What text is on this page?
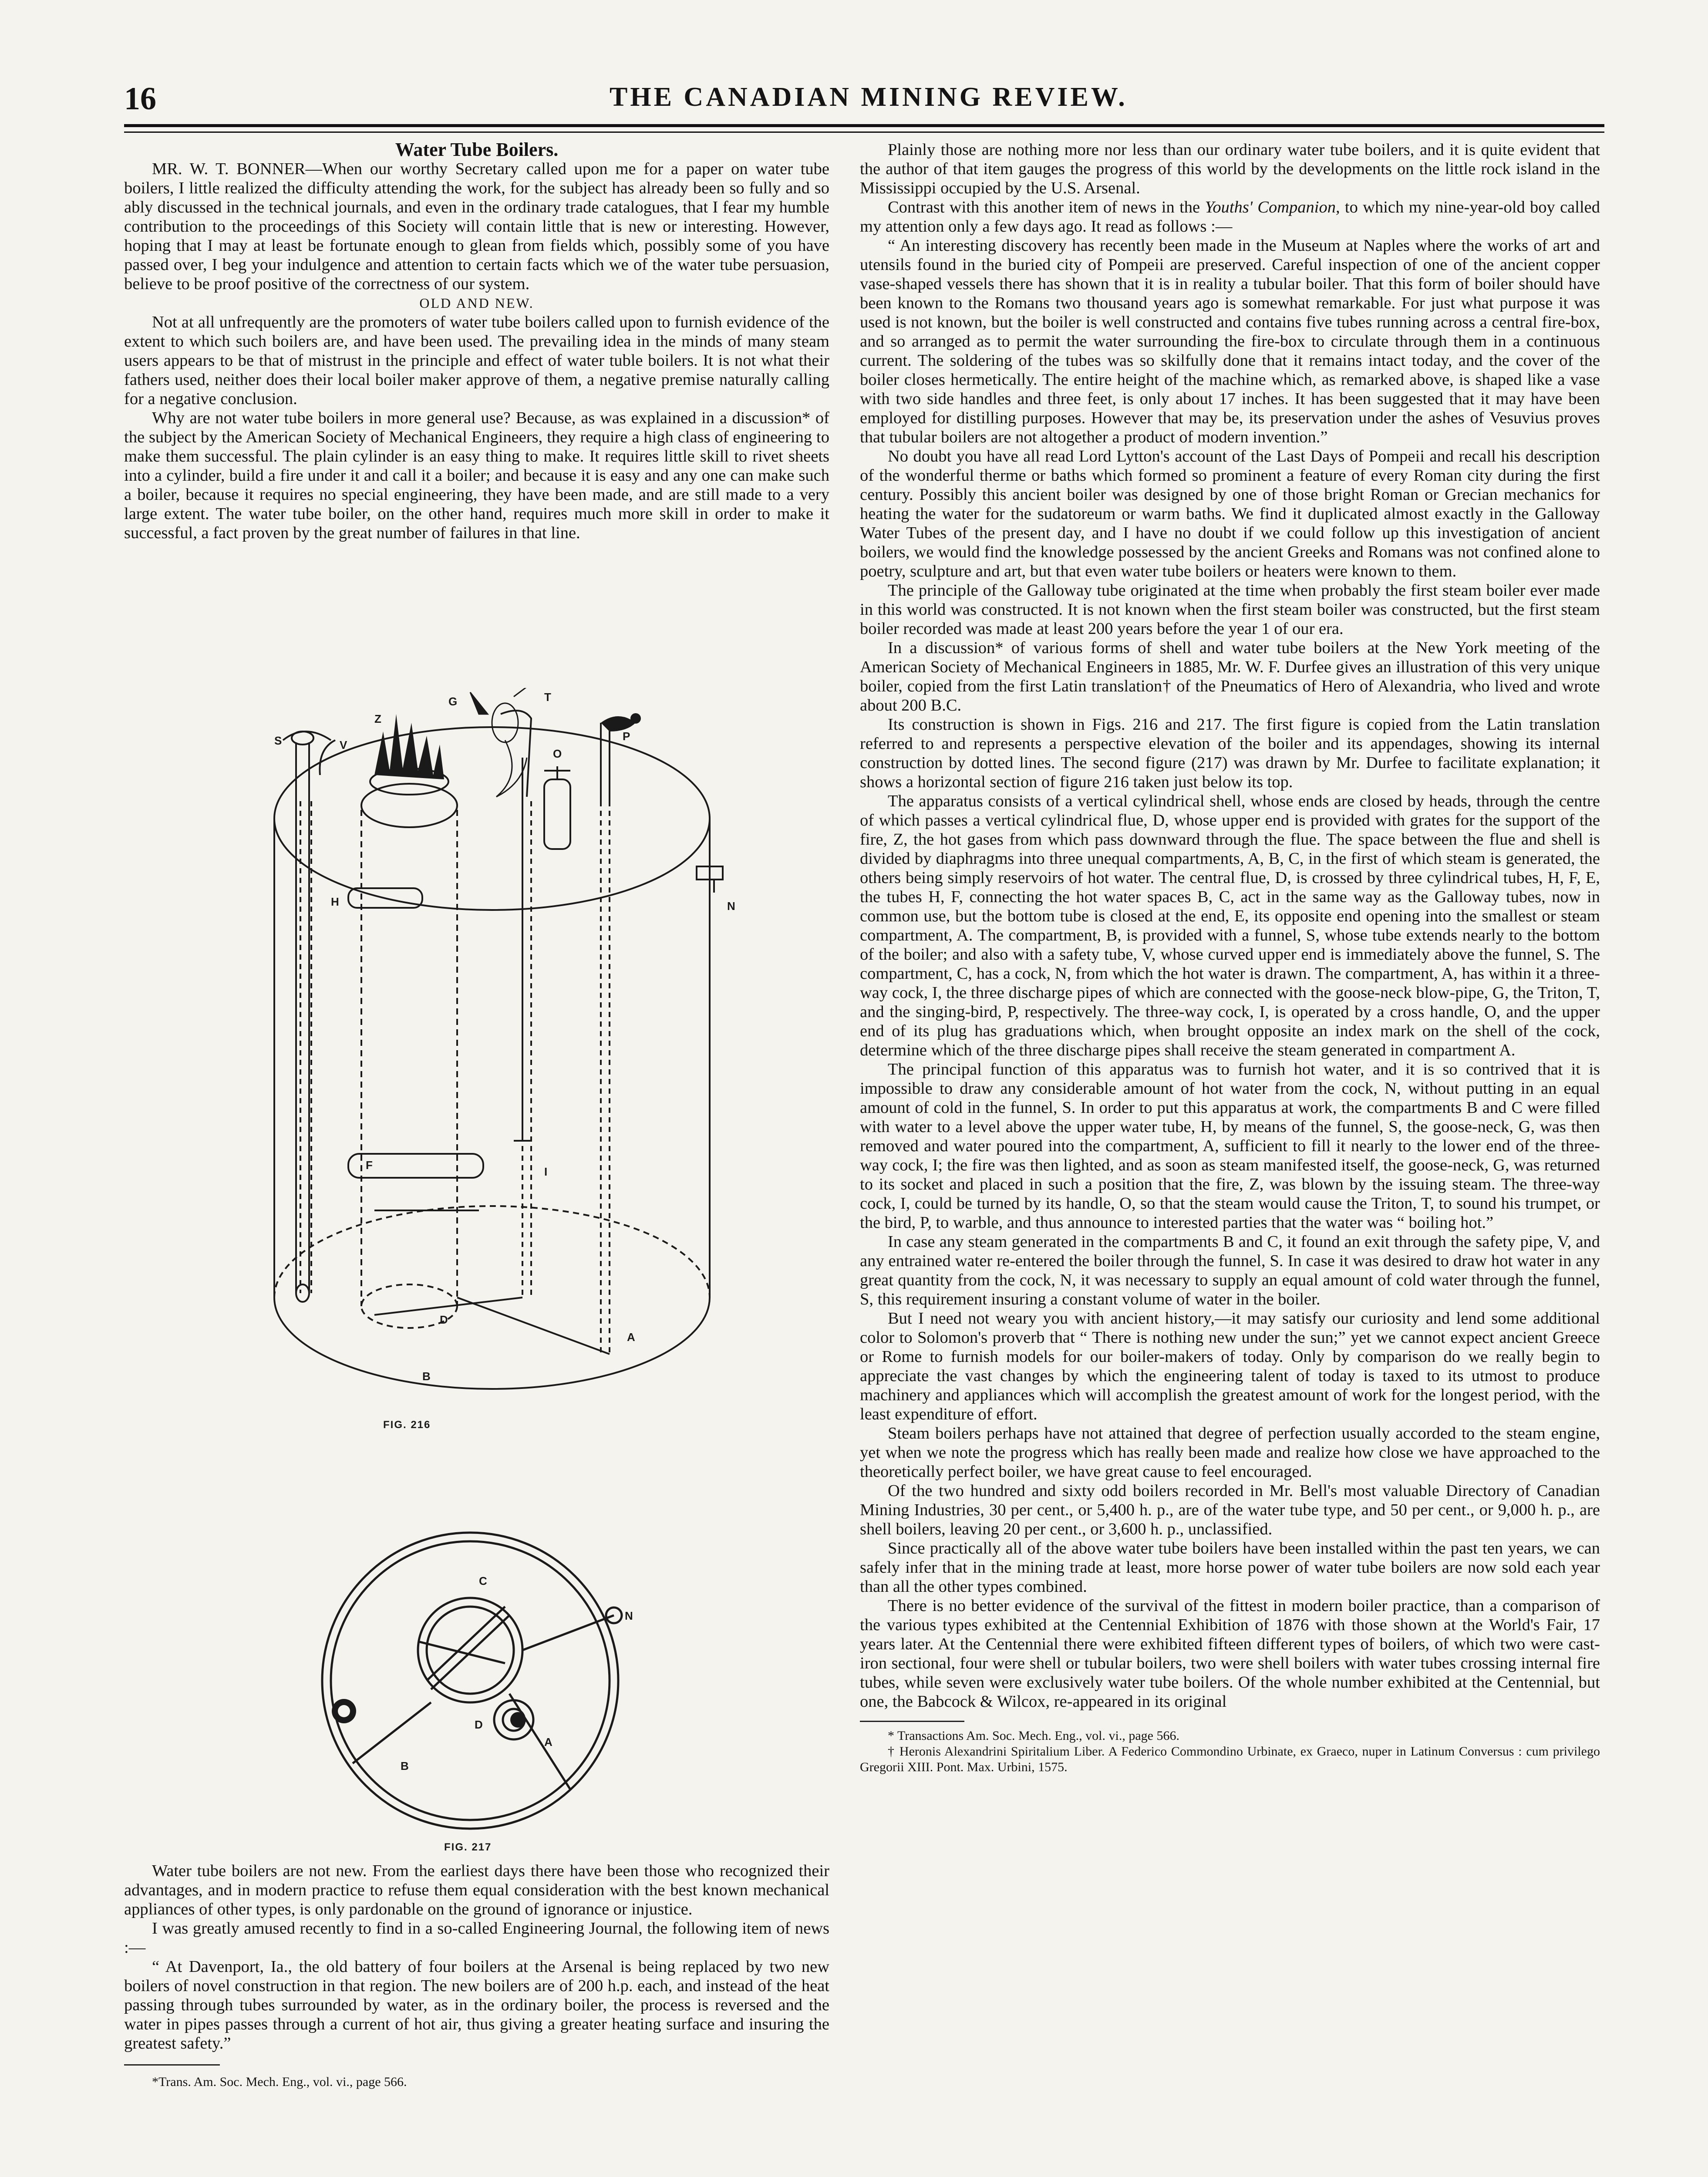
16	THE CANADIAN MINING REVIEW.

Water Tube Boilers.

MR. W. T. BONNER—When our worthy Secretary called upon me for a paper on water tube boilers, I little realized the difficulty attending the work, for the subject has already been so fully and so ably discussed in the technical journals, and even in the ordinary trade catalogues, that I fear my humble contribution to the proceedings of this Society will contain little that is new or interesting. However, hoping that I may at least be fortunate enough to glean from fields which, possibly some of you have passed over, I beg your indulgence and attention to certain facts which we of the water tube persuasion, believe to be proof positive of the correctness of our system.

OLD AND NEW.

Not at all unfrequently are the promoters of water tube boilers called upon to furnish evidence of the extent to which such boilers are, and have been used. The prevailing idea in the minds of many steam users appears to be that of mistrust in the principle and effect of water tuble boilers. It is not what their fathers used, neither does their local boiler maker approve of them, a negative premise naturally calling for a negative conclusion.

Why are not water tube boilers in more general use? Because, as was explained in a discussion* of the subject by the American Society of Mechanical Engineers, they require a high class of engineering to make them successful. The plain cylinder is an easy thing to make. It requires little skill to rivet sheets into a cylinder, build a fire under it and call it a boiler; and because it is easy and any one can make such a boiler, because it requires no special engineering, they have been made, and are still made to a very large extent. The water tube boiler, on the other hand, requires much more skill in order to make it successful, a fact proven by the great number of failures in that line.

T
Z
G
S	V
O
P
H	N
F	I
D
A
B
FIG. 216
C
N
D
A
B
FIG. 217

Water tube boilers are not new. From the earliest days there have been those who recognized their advantages, and in modern practice to refuse them equal consideration with the best known mechanical appliances of other types, is only pardonable on the ground of ignorance or injustice.

I was greatly amused recently to find in a so-called Engineering Journal, the following item of news :—

“ At Davenport, Ia., the old battery of four boilers at the Arsenal is being replaced by two new boilers of novel construction in that region. The new boilers are of 200 h.p. each, and instead of the heat passing through tubes surrounded by water, as in the ordinary boiler, the process is reversed and the water in pipes passes through a current of hot air, thus giving a greater heating surface and insuring the greatest safety.”

*Trans. Am. Soc. Mech. Eng., vol. vi., page 566.

Plainly those are nothing more nor less than our ordinary water tube boilers, and it is quite evident that the author of that item gauges the progress of this world by the developments on the little rock island in the Mississippi occupied by the U.S. Arsenal.

Contrast with this another item of news in the Youths' Companion, to which my nine-year-old boy called my attention only a few days ago. It read as follows :—

“ An interesting discovery has recently been made in the Museum at Naples where the works of art and utensils found in the buried city of Pompeii are preserved. Careful inspection of one of the ancient copper vase-shaped vessels there has shown that it is in reality a tubular boiler. That this form of boiler should have been known to the Romans two thousand years ago is somewhat remarkable. For just what purpose it was used is not known, but the boiler is well constructed and contains five tubes running across a central fire-box, and so arranged as to permit the water surrounding the fire-box to circulate through them in a continuous current. The soldering of the tubes was so skilfully done that it remains intact today, and the cover of the boiler closes hermetically. The entire height of the machine which, as remarked above, is shaped like a vase with two side handles and three feet, is only about 17 inches. It has been suggested that it may have been employed for distilling purposes. However that may be, its preservation under the ashes of Vesuvius proves that tubular boilers are not altogether a product of modern invention.”

No doubt you have all read Lord Lytton's account of the Last Days of Pompeii and recall his description of the wonderful therme or baths which formed so prominent a feature of every Roman city during the first century. Possibly this ancient boiler was designed by one of those bright Roman or Grecian mechanics for heating the water for the sudatoreum or warm baths. We find it duplicated almost exactly in the Galloway Water Tubes of the present day, and I have no doubt if we could follow up this investigation of ancient boilers, we would find the knowledge possessed by the ancient Greeks and Romans was not confined alone to poetry, sculpture and art, but that even water tube boilers or heaters were known to them.

The principle of the Galloway tube originated at the time when probably the first steam boiler ever made in this world was constructed. It is not known when the first steam boiler was constructed, but the first steam boiler recorded was made at least 200 years before the year 1 of our era.

In a discussion* of various forms of shell and water tube boilers at the New York meeting of the American Society of Mechanical Engineers in 1885, Mr. W. F. Durfee gives an illustration of this very unique boiler, copied from the first Latin translation† of the Pneumatics of Hero of Alexandria, who lived and wrote about 200 B.C.

Its construction is shown in Figs. 216 and 217. The first figure is copied from the Latin translation referred to and represents a perspective elevation of the boiler and its appendages, showing its internal construction by dotted lines. The second figure (217) was drawn by Mr. Durfee to facilitate explanation; it shows a horizontal section of figure 216 taken just below its top.

The apparatus consists of a vertical cylindrical shell, whose ends are closed by heads, through the centre of which passes a vertical cylindrical flue, D, whose upper end is provided with grates for the support of the fire, Z, the hot gases from which pass downward through the flue. The space between the flue and shell is divided by diaphragms into three unequal compartments, A, B, C, in the first of which steam is generated, the others being simply reservoirs of hot water. The central flue, D, is crossed by three cylindrical tubes, H, F, E, the tubes H, F, connecting the hot water spaces B, C, act in the same way as the Galloway tubes, now in common use, but the bottom tube is closed at the end, E, its opposite end opening into the smallest or steam compartment, A. The compartment, B, is provided with a funnel, S, whose tube extends nearly to the bottom of the boiler; and also with a safety tube, V, whose curved upper end is immediately above the funnel, S. The compartment, C, has a cock, N, from which the hot water is drawn. The compartment, A, has within it a three-way cock, I, the three discharge pipes of which are connected with the goose-neck blow-pipe, G, the Triton, T, and the singing-bird, P, respectively. The three-way cock, I, is operated by a cross handle, O, and the upper end of its plug has graduations which, when brought opposite an index mark on the shell of the cock, determine which of the three discharge pipes shall receive the steam generated in compartment A.

The principal function of this apparatus was to furnish hot water, and it is so contrived that it is impossible to draw any considerable amount of hot water from the cock, N, without putting in an equal amount of cold in the funnel, S. In order to put this apparatus at work, the compartments B and C were filled with water to a level above the upper water tube, H, by means of the funnel, S, the goose-neck, G, was then removed and water poured into the compartment, A, sufficient to fill it nearly to the lower end of the three-way cock, I; the fire was then lighted, and as soon as steam manifested itself, the goose-neck, G, was returned to its socket and placed in such a position that the fire, Z, was blown by the issuing steam. The three-way cock, I, could be turned by its handle, O, so that the steam would cause the Triton, T, to sound his trumpet, or the bird, P, to warble, and thus announce to interested parties that the water was “ boiling hot.”

In case any steam generated in the compartments B and C, it found an exit through the safety pipe, V, and any entrained water re-entered the boiler through the funnel, S. In case it was desired to draw hot water in any great quantity from the cock, N, it was necessary to supply an equal amount of cold water through the funnel, S, this requirement insuring a constant volume of water in the boiler.

But I need not weary you with ancient history,—it may satisfy our curiosity and lend some additional color to Solomon's proverb that “ There is nothing new under the sun;” yet we cannot expect ancient Greece or Rome to furnish models for our boiler-makers of today. Only by comparison do we really begin to appreciate the vast changes by which the engineering talent of today is taxed to its utmost to produce machinery and appliances which will accomplish the greatest amount of work for the longest period, with the least expenditure of effort.

Steam boilers perhaps have not attained that degree of perfection usually accorded to the steam engine, yet when we note the progress which has really been made and realize how close we have approached to the theoretically perfect boiler, we have great cause to feel encouraged.

Of the two hundred and sixty odd boilers recorded in Mr. Bell's most valuable Directory of Canadian Mining Industries, 30 per cent., or 5,400 h. p., are of the water tube type, and 50 per cent., or 9,000 h. p., are shell boilers, leaving 20 per cent., or 3,600 h. p., unclassified.

Since practically all of the above water tube boilers have been installed within the past ten years, we can safely infer that in the mining trade at least, more horse power of water tube boilers are now sold each year than all the other types combined.

There is no better evidence of the survival of the fittest in modern boiler practice, than a comparison of the various types exhibited at the Centennial Exhibition of 1876 with those shown at the World's Fair, 17 years later. At the Centennial there were exhibited fifteen different types of boilers, of which two were cast-iron sectional, four were shell or tubular boilers, two were shell boilers with water tubes crossing internal fire tubes, while seven were exclusively water tube boilers. Of the whole number exhibited at the Centennial, but one, the Babcock & Wilcox, re-appeared in its original

* Transactions Am. Soc. Mech. Eng., vol. vi., page 566.

† Heronis Alexandrini Spiritalium Liber. A Federico Commondino Urbinate, ex Graeco, nuper in Latinum Conversus : cum privilego Gregorii XIII. Pont. Max. Urbini, 1575.
